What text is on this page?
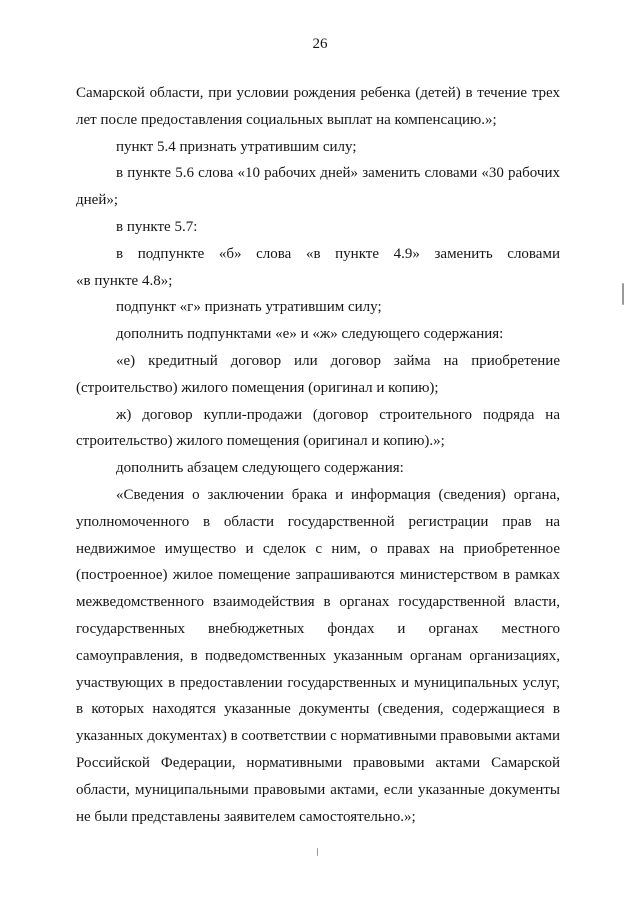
26

Самарской области, при условии рождения ребенка (детей) в течение трех
лет после предоставления социальных выплат на компенсацию.»;

пункт 5.4 признать утратившим силу;

в пункте 5.6 слова «10 рабочих дней» заменить словами «30 рабочих
дней»;

в пункте 5.7:

в подпункте «б» слова «в пункте 4.9» заменить словами
«в пункте 4.8»;

подпункт «г» признать утратившим силу;

дополнить подпунктами «е» и «ж» следующего содержания:

«е) кредитный договор или договор займа на приобретение
(строительство) жилого помещения (оригинал и копию);

ж) договор купли-продажи (договор строительного подряда на
строительство) жилого помещения (оригинал и копию).»;

дополнить абзацем следующего содержания:

«Сведения о заключении брака и информация (сведения) органа,
уполномоченного в области государственной регистрации прав на
недвижимое имущество и сделок с ним, о правах на приобретенное
(построенное) жилое помещение запрашиваются министерством в рамках
межведомственного взаимодействия в органах государственной власти,
государственных внебюджетных фондах и органах местного
самоуправления, в подведомственных указанным органам организациях,
участвующих в предоставлении государственных и муниципальных услуг,
в которых находятся указанные документы (сведения, содержащиеся в
указанных документах) в соответствии с нормативными правовыми актами
Российской Федерации, нормативными правовыми актами Самарской
области, муниципальными правовыми актами, если указанные документы
не были представлены заявителем самостоятельно.»;
